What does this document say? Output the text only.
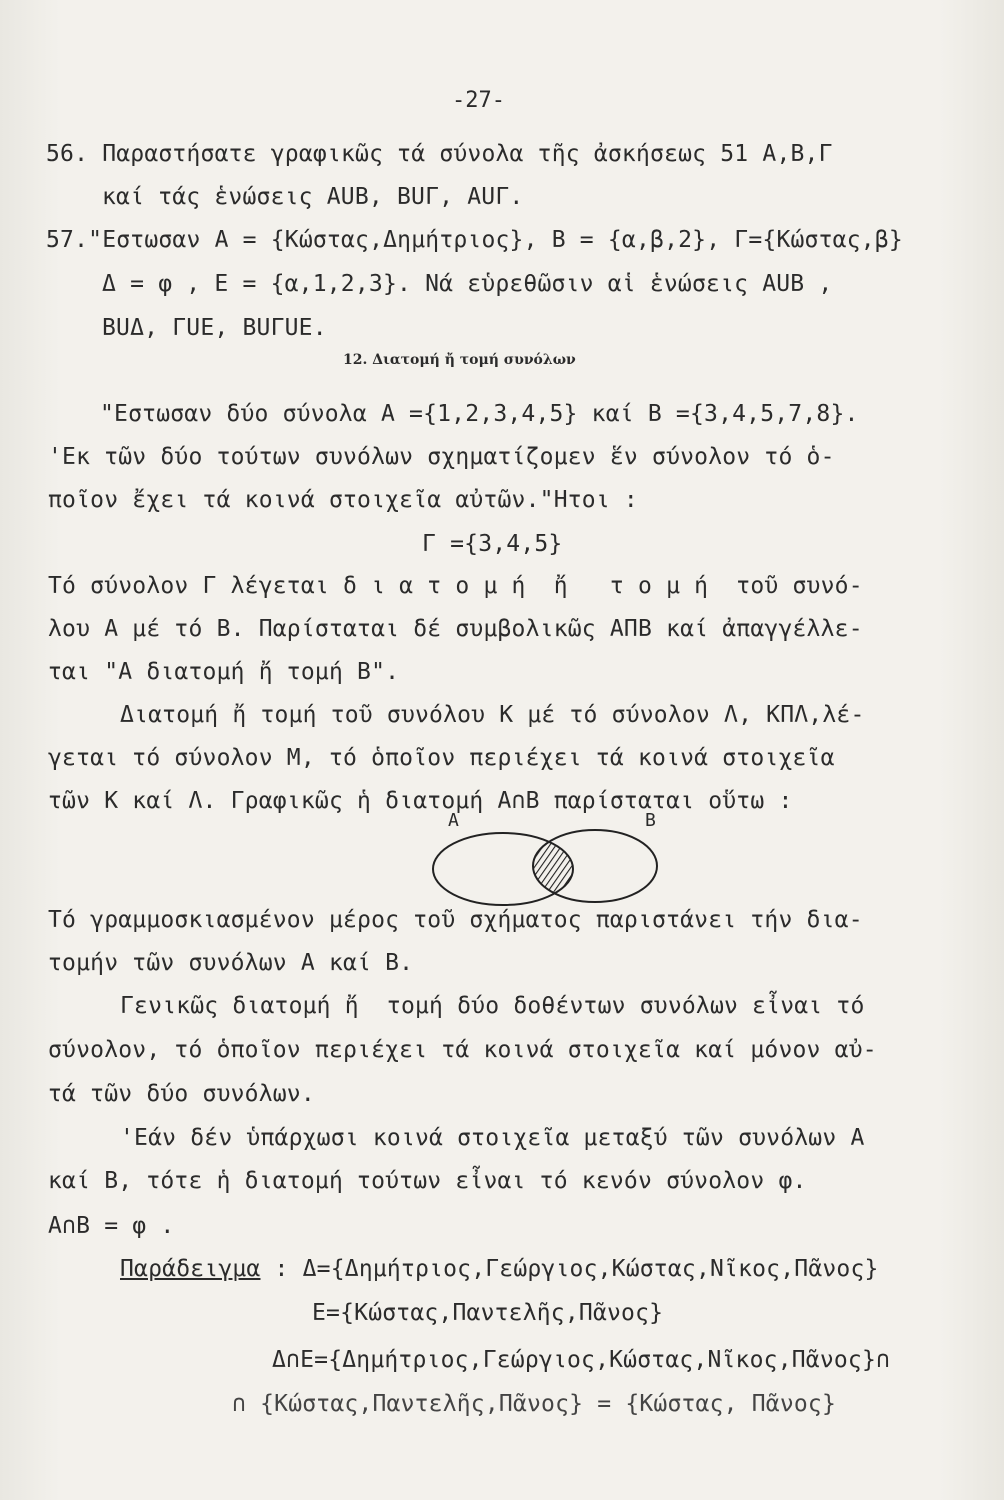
-27-
56. Παραστήσατε γραφικῶς τά σύνολα τῆς ἀσκήσεως 51 Α,Β,Γ
καί τάς ἑνώσεις ΑUΒ, ΒUΓ, ΑUΓ.
57."Εστωσαν Α = {Κώστας,Δημήτριος}, Β = {α,β,2}, Γ={Κώστας,β}
Δ = φ , Ε = {α,1,2,3}. Νά εὑρεθῶσιν αἱ ἑνώσεις ΑUΒ ,
ΒUΔ, ΓUΕ, ΒUΓUΕ.
12. Διατομή ἤ τομή συνόλων
"Εστωσαν δύο σύνολα Α ={1,2,3,4,5} καί Β ={3,4,5,7,8}.
'Εκ τῶν δύο τούτων συνόλων σχηματίζομεν ἕν σύνολον τό ὁ-
ποῖον ἔχει τά κοινά στοιχεῖα αὐτῶν."Ητοι :
Γ ={3,4,5}
Τό σύνολον Γ λέγεται δ ι α τ ο μ ή  ἤ   τ ο μ ή  τοῦ συνό-
λου Α μέ τό Β. Παρίσταται δέ συμβολικῶς ΑΠΒ καί ἀπαγγέλλε-
ται "Α διατομή ἤ τομή Β".
Διατομή ἤ τομή τοῦ συνόλου Κ μέ τό σύνολον Λ, ΚΠΛ,λέ-
γεται τό σύνολον Μ, τό ὁποῖον περιέχει τά κοινά στοιχεῖα
τῶν Κ καί Λ. Γραφικῶς ἡ διατομή Α∩Β παρίσταται οὕτω :
Α	Β
Τό γραμμοσκιασμένον μέρος τοῦ σχήματος παριστάνει τήν δια-
τομήν τῶν συνόλων Α καί Β.
Γενικῶς διατομή ἤ  τομή δύο δοθέντων συνόλων εἶναι τό
σύνολον, τό ὁποῖον περιέχει τά κοινά στοιχεῖα καί μόνον αὐ-
τά τῶν δύο συνόλων.
'Εάν δέν ὑπάρχωσι κοινά στοιχεῖα μεταξύ τῶν συνόλων Α
καί Β, τότε ἡ διατομή τούτων εἶναι τό κενόν σύνολον φ.
Α∩Β = φ .
Παράδειγμα : Δ={Δημήτριος,Γεώργιος,Κώστας,Νῖκος,Πᾶνος}
Ε={Κώστας,Παντελῆς,Πᾶνος}
Δ∩Ε={Δημήτριος,Γεώργιος,Κώστας,Νῖκος,Πᾶνος}∩
∩ {Κώστας,Παντελῆς,Πᾶνος} = {Κώστας, Πᾶνος}
